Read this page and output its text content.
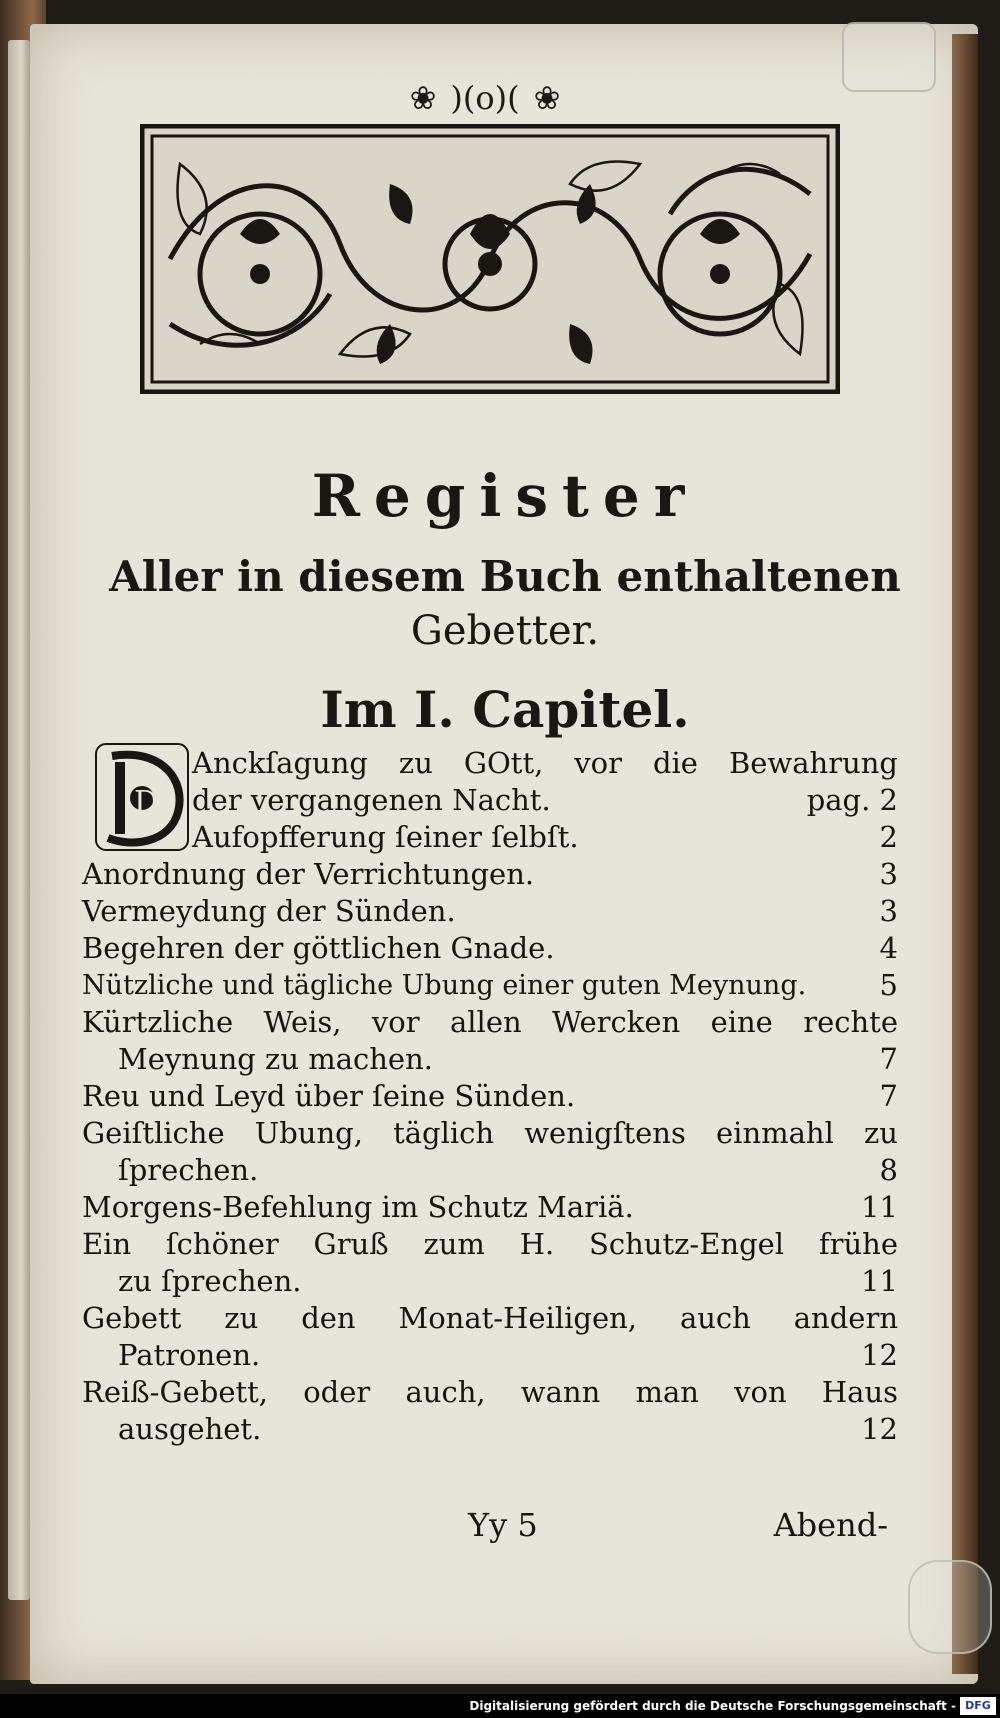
❀ )(o)( ❀
Register
Aller in diesem Buch enthaltenen
Gebetter.
Im I. Capitel.
D
Anckſagung zu GOtt, vor die Bewahrung
der vergangenen Nacht.	pag. 2
Aufopfferung ſeiner ſelbſt.	2
Anordnung der Verrichtungen.	3
Vermeydung der Sünden.	3
Begehren der göttlichen Gnade.	4
Nützliche und tägliche Ubung einer guten Meynung.	5
Kürtzliche Weis, vor allen Wercken eine rechte
Meynung zu machen.	7
Reu und Leyd über ſeine Sünden.	7
Geiſtliche Ubung, täglich wenigſtens einmahl zu
ſprechen.	8
Morgens-Befehlung im Schutz Mariä.	11
Ein ſchöner Gruß zum H. Schutz-Engel frühe
zu ſprechen.	11
Gebett zu den Monat-Heiligen, auch andern
Patronen.	12
Reiß-Gebett, oder auch, wann man von Haus
ausgehet.	12
Yy 5	Abend-
Digitalisierung gefördert durch die Deutsche Forschungsgemeinschaft - DFG
